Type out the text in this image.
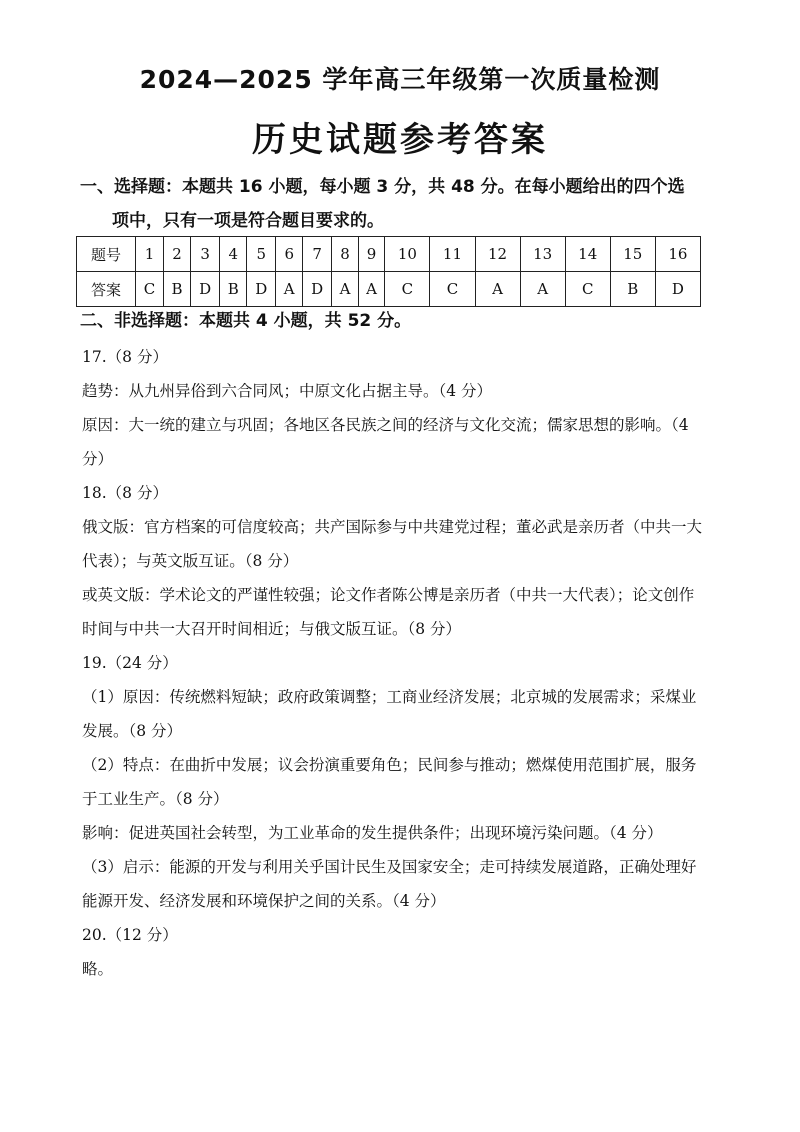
2024—2025 学年高三年级第一次质量检测
历史试题参考答案
一、选择题：本题共 16 小题，每小题 3 分，共 48 分。在每小题给出的四个选
项中，只有一项是符合题目要求的。
题号	1	2	3	4	5	6	7	8	9	10	11	12	13	14	15	16
答案	C	B	D	B	D	A	D	A	A	C	C	A	A	C	B	D
二、非选择题：本题共 4 小题，共 52 分。

17.（8 分）

趋势：从九州异俗到六合同风；中原文化占据主导。（4 分）

原因：大一统的建立与巩固；各地区各民族之间的经济与文化交流；儒家思想的影响。（4

分）

18.（8 分）

俄文版：官方档案的可信度较高；共产国际参与中共建党过程；董必武是亲历者（中共一大

代表）；与英文版互证。（8 分）

或英文版：学术论文的严谨性较强；论文作者陈公博是亲历者（中共一大代表）；论文创作

时间与中共一大召开时间相近；与俄文版互证。（8 分）

19.（24 分）

（1）原因：传统燃料短缺；政府政策调整；工商业经济发展；北京城的发展需求；采煤业

发展。（8 分）

（2）特点：在曲折中发展；议会扮演重要角色；民间参与推动；燃煤使用范围扩展，服务

于工业生产。（8 分）

影响：促进英国社会转型，为工业革命的发生提供条件；出现环境污染问题。（4 分）

（3）启示：能源的开发与利用关乎国计民生及国家安全；走可持续发展道路，正确处理好

能源开发、经济发展和环境保护之间的关系。（4 分）

20.（12 分）

略。
